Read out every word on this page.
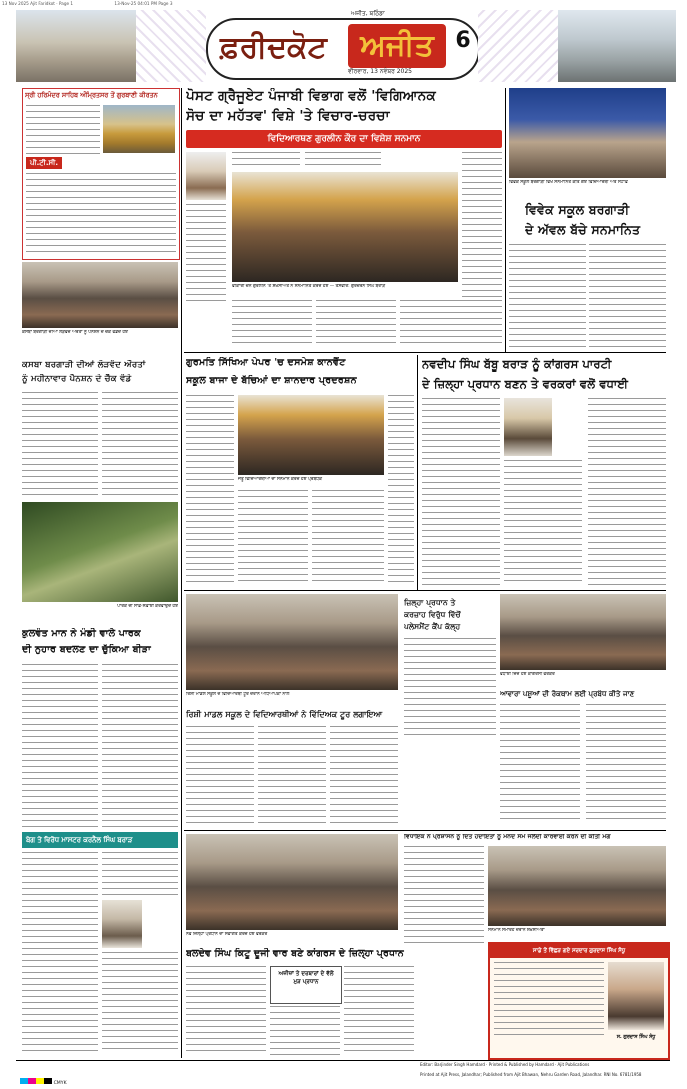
13 Nov 2025 Ajit Faridkot · Page 1	13-Nov-25 04:01 PM Page 3
ਫ਼ਰੀਦਕੋਟ	ਅਜੀਤ
ਅਜੀਤ, ਬਠਿੰਡਾ
ਵੀਰਵਾਰ, 13 ਨਵੰਬਰ 2025
6
ਸ੍ਰੀ ਹਰਿਮੰਦਰ ਸਾਹਿਬ ਅੰਮ੍ਰਿਤਸਰ ਤੋਂ ਗੁਰਬਾਣੀ ਕੀਰਤਨ
ਪੀ.ਟੀ.ਸੀ.
ਕਸਬਾ ਬਰਗਾੜੀ ਦੀਆਂ ਲੋੜਵੰਦ ਔਰਤਾਂ ਨੂੰ ਪੈਨਸ਼ਨ ਦੇ ਚੈੱਕ ਵੰਡਦੇ ਹੋਏ
ਕਸਬਾ ਬਰਗਾੜੀ ਦੀਆਂ ਲੋੜਵੰਦ ਔਰਤਾਂ
ਨੂੰ ਮਹੀਨਾਵਾਰ ਪੈਨਸ਼ਨ ਦੇ ਚੈੱਕ ਵੰਡੇ
ਪਾਰਕ ਦੀ ਸਾਫ਼-ਸਫ਼ਾਈ ਕਰਵਾਉਂਦੇ ਹੋਏ
ਕੁਲਵੰਤ ਮਾਨ ਨੇ ਮੰਡੀ ਵਾਲੇ ਪਾਰਕ
ਦੀ ਨੁਹਾਰ ਬਦਲਣ ਦਾ ਚੁੱਕਿਆ ਬੀੜਾ
ਬੇਗ ਤੇ ਵਿਰੋਧ ਮਾਸਟਰ ਕਰਨੈਲ ਸਿੰਘ ਬਰਾੜ
ਪੋਸਟ ਗ੍ਰੈਜੂਏਟ ਪੰਜਾਬੀ ਵਿਭਾਗ ਵਲੋਂ 'ਵਿਗਿਆਨਕ
ਸੋਚ ਦਾ ਮਹੱਤਵ' ਵਿਸ਼ੇ 'ਤੇ ਵਿਚਾਰ-ਚਰਚਾ
ਵਿਦਿਆਰਥਣ ਗੁਰਲੀਨ ਕੌਰ ਦਾ ਵਿਸ਼ੇਸ਼ ਸਨਮਾਨ
ਵੀਂਕਾਰੀ ਚੇਨ ਗੁਰਲੀਨ 'ਤੇ ਸ਼ਖ਼ਸੀਅਤ ਨੇ ਸਨਮਾਨਿਤ ਕਰਦੇ ਹੋਏ — ਤਸਵੀਰ: ਗੁਰਚਰਨ ਸਿੰਘ ਬਰਾੜ
ਵਿਵੇਕ ਸਕੂਲ ਬਰਗਾੜੀ ਵਿਖੇ ਸਨਮਾਨਿਤ ਕੀਤੇ ਗਏ ਵਿਦਿਆਰਥੀ ਅਤੇ ਸਟਾਫ਼
ਵਿਵੇਕ ਸਕੂਲ ਬਰਗਾੜੀ
ਦੇ ਅੱਵਲ ਬੱਚੇ ਸਨਮਾਨਿਤ
ਗੁਰਮਤਿ ਸਿੱਖਿਆ ਪੇਪਰ 'ਚ ਦਸਮੇਸ਼ ਕਾਨਵੈਂਟ
ਸਕੂਲ ਬਾਜਾ ਦੇ ਬੱਚਿਆਂ ਦਾ ਸ਼ਾਨਦਾਰ ਪ੍ਰਦਰਸ਼ਨ
ਜੇਤੂ ਵਿਦਿਆਰਥੀਆਂ ਦਾ ਸਨਮਾਨ ਕਰਦੇ ਹੋਏ ਪ੍ਰਬੰਧਕ
ਨਵਦੀਪ ਸਿੰਘ ਬੱਬੂ ਬਰਾੜ ਨੂੰ ਕਾਂਗਰਸ ਪਾਰਟੀ
ਦੇ ਜ਼ਿਲ੍ਹਾ ਪ੍ਰਧਾਨ ਬਣਨ ਤੇ ਵਰਕਰਾਂ ਵਲੋਂ ਵਧਾਈ
ਰਿਸ਼ੀ ਮਾਡਲ ਸਕੂਲ ਦੇ ਵਿਦਿਆਰਥੀ ਟੂਰ ਦੌਰਾਨ ਅਧਿਆਪਕਾਂ ਨਾਲ
ਜ਼ਿਲ੍ਹਾ ਪ੍ਰਧਾਨ ਤੇ
ਕਰਜ਼ਾਹ ਵਿਰੁੱਧ ਵਿੱਚੋਂ
ਪਲੇਸਮੈਂਟ ਕੈਂਪ ਕੱਲ੍ਹ
ਵਧਾਈ ਦਿੰਦੇ ਹੋਏ ਕਾਂਗਰਸੀ ਵਰਕਰ
ਰਿਸ਼ੀ ਮਾਡਲ ਸਕੂਲ ਦੇ ਵਿਦਿਆਰਥੀਆਂ ਨੇ ਵਿੱਦਿਅਕ ਟੂਰ ਲਗਾਇਆ
ਆਵਾਰਾ ਪਸ਼ੂਆਂ ਦੀ ਰੋਕਥਾਮ ਲਈ ਪ੍ਰਬੰਧ ਕੀਤੇ ਜਾਣ
ਨਵੇਂ ਜ਼ਿਲ੍ਹਾ ਪ੍ਰਧਾਨ ਦਾ ਸਵਾਗਤ ਕਰਦੇ ਹੋਏ ਵਰਕਰ
ਵਿਧਾਇਕ ਨੇ ਪ੍ਰਸ਼ਾਸਨ ਨੂੰ ਦਿੱਤੇ ਹਦਾਇਤਾਂ ਨੂੰ ਮੰਨਦੇ ਸਮੇਂ ਜਲਦੀ ਕਾਰਵਾਈ ਕਰਨ ਦੀ ਕੀਤੀ ਮੰਗ
ਸਨਮਾਨ ਸਮਾਰੋਹ ਦੌਰਾਨ ਸ਼ਖ਼ਸੀਅਤਾਂ
ਬਲਦੇਵ ਸਿੰਘ ਕਿਟੂ ਦੂਜੀ ਵਾਰ ਬਣੇ ਕਾਂਗਰਸ ਦੇ ਜ਼ਿਲ੍ਹਾ ਪ੍ਰਧਾਨ
ਅਜ਼ੀਜ਼ਾਂ ਤੇ ਦਰਬਾਰਾਂ ਦੇ ਵੱਲੋਂ ਮੁੜ ਪ੍ਰਧਾਨ
ਸਾਡੇ ਤੋਂ ਵਿੱਛੜ ਗਏ ਸਰਦਾਰ ਗੁਰਦਾਸ ਸਿੰਘ ਸੰਧੂ
ਸ. ਗੁਰਦਾਸ ਸਿੰਘ ਸੰਧੂ
Editor: Barjinder Singh Hamdard · Printed & Published by Hamdard · Ajit Publications
Printed at Ajit Press, Jalandhar; Published from Ajit Bhawan, Nehru Garden Road, Jalandhar. RNI No. 6781/1958
CMYK
